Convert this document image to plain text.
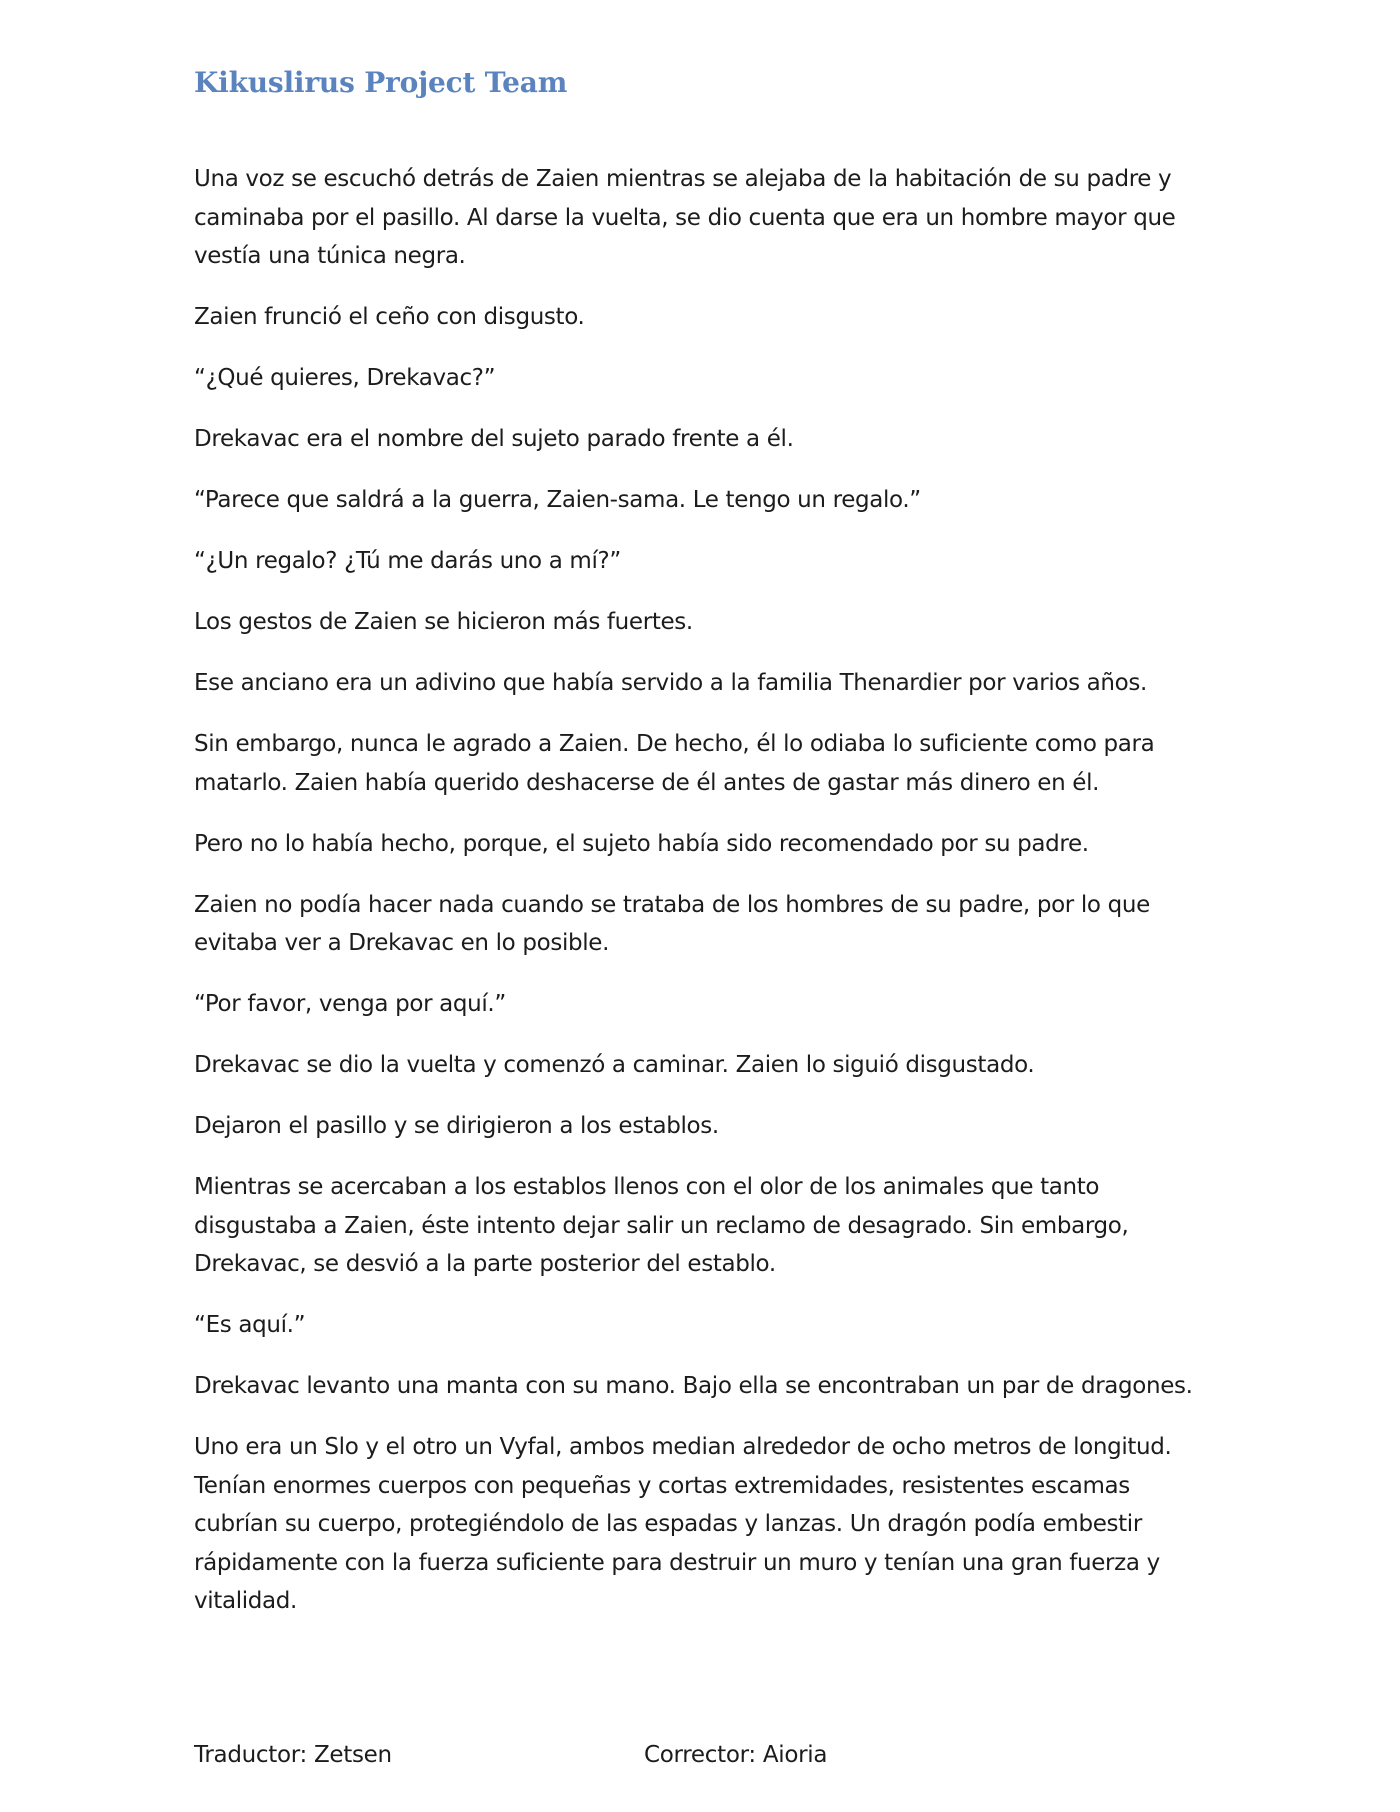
Kikuslirus Project Team

Una voz se escuchó detrás de Zaien mientras se alejaba de la habitación de su padre y caminaba por el pasillo. Al darse la vuelta, se dio cuenta que era un hombre mayor que vestía una túnica negra.

Zaien frunció el ceño con disgusto.

“¿Qué quieres, Drekavac?”

Drekavac era el nombre del sujeto parado frente a él.

“Parece que saldrá a la guerra, Zaien-sama. Le tengo un regalo.”

“¿Un regalo? ¿Tú me darás uno a mí?”

Los gestos de Zaien se hicieron más fuertes.

Ese anciano era un adivino que había servido a la familia Thenardier por varios años.

Sin embargo, nunca le agrado a Zaien. De hecho, él lo odiaba lo suficiente como para matarlo. Zaien había querido deshacerse de él antes de gastar más dinero en él.

Pero no lo había hecho, porque, el sujeto había sido recomendado por su padre.

Zaien no podía hacer nada cuando se trataba de los hombres de su padre, por lo que evitaba ver a Drekavac en lo posible.

“Por favor, venga por aquí.”

Drekavac se dio la vuelta y comenzó a caminar. Zaien lo siguió disgustado.

Dejaron el pasillo y se dirigieron a los establos.

Mientras se acercaban a los establos llenos con el olor de los animales que tanto disgustaba a Zaien, éste intento dejar salir un reclamo de desagrado. Sin embargo, Drekavac, se desvió a la parte posterior del establo.

“Es aquí.”

Drekavac levanto una manta con su mano. Bajo ella se encontraban un par de dragones.

Uno era un Slo y el otro un Vyfal, ambos median alrededor de ocho metros de longitud. Tenían enormes cuerpos con pequeñas y cortas extremidades, resistentes escamas cubrían su cuerpo, protegiéndolo de las espadas y lanzas. Un dragón podía embestir rápidamente con la fuerza suficiente para destruir un muro y tenían una gran fuerza y vitalidad.

Traductor: Zetsen	Corrector: Aioria
